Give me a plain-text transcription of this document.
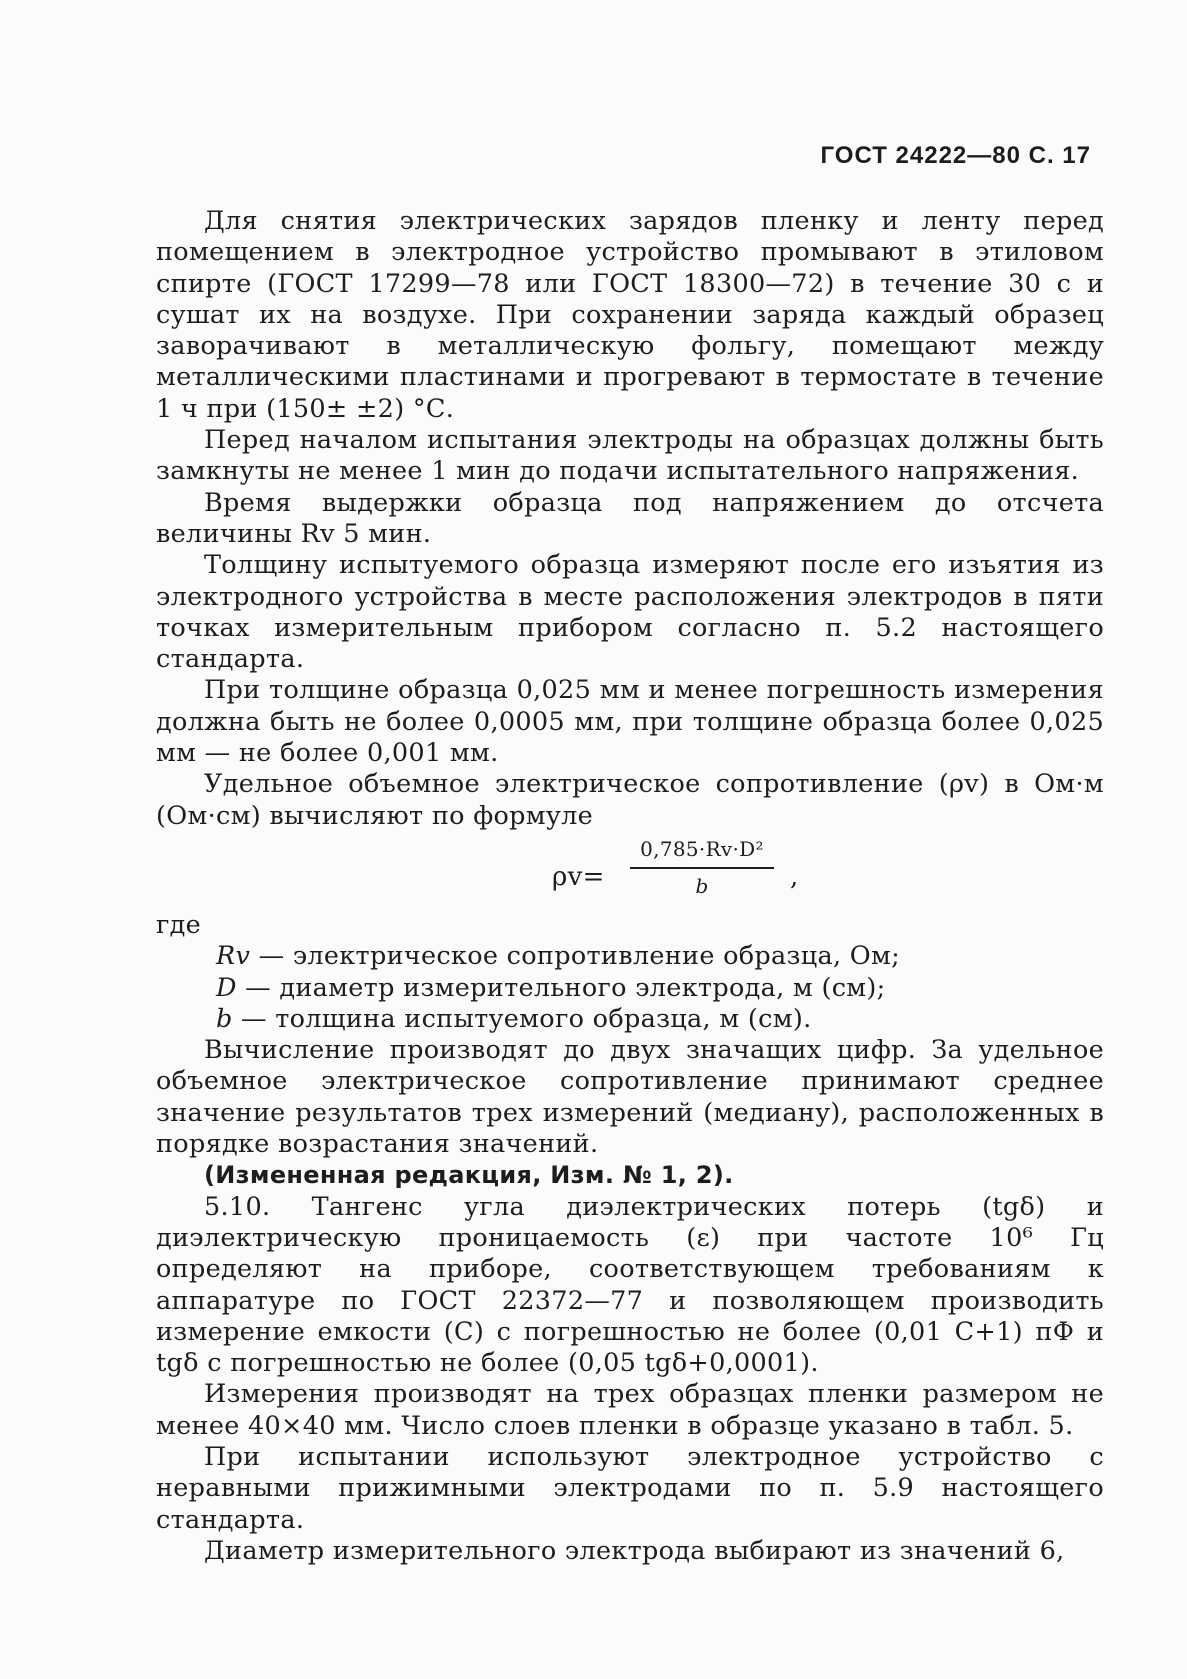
ГОСТ 24222—80 С. 17

Для снятия электрических зарядов пленку и ленту перед помещением в электродное устройство промывают в этиловом спирте (ГОСТ 17299—78 или ГОСТ 18300—72) в течение 30 с и сушат их на воздухе. При сохранении заряда каждый образец заворачивают в металлическую фольгу, помещают между металлическими пластинами и прогревают в термостате в течение 1 ч при (150± ±2) °С.

Перед началом испытания электроды на образцах должны быть замкнуты не менее 1 мин до подачи испытательного напряжения.

Время выдержки образца под напряжением до отсчета величины Rv 5 мин.

Толщину испытуемого образца измеряют после его изъятия из электродного устройства в месте расположения электродов в пяти точках измерительным прибором согласно п. 5.2 настоящего стандарта.

При толщине образца 0,025 мм и менее погрешность измерения должна быть не более 0,0005 мм, при толщине образца более 0,025 мм — не более 0,001 мм.

Удельное объемное электрическое сопротивление (ρv) в Ом·м (Ом·см) вычисляют по формуле

ρv=
0,785·Rv·D²
b	,

где

Rv — электрическое сопротивление образца, Ом;
D — диаметр измерительного электрода, м (см);
b — толщина испытуемого образца, м (см).

Вычисление производят до двух значащих цифр. За удельное объемное электрическое сопротивление принимают среднее значение результатов трех измерений (медиану), расположенных в порядке возрастания значений.

(Измененная редакция, Изм. № 1, 2).

5.10. Тангенс угла диэлектрических потерь (tgδ) и диэлектрическую проницаемость (ε) при частоте 10⁶ Гц определяют на приборе, соответствующем требованиям к аппаратуре по ГОСТ 22372—77 и позволяющем производить измерение емкости (С) с погрешностью не более (0,01 С+1) пФ и tgδ с погрешностью не более (0,05 tgδ+0,0001).

Измерения производят на трех образцах пленки размером не менее 40×40 мм. Число слоев пленки в образце указано в табл. 5.

При испытании используют электродное устройство с неравными прижимными электродами по п. 5.9 настоящего стандарта.

Диаметр измерительного электрода выбирают из значений 6,
